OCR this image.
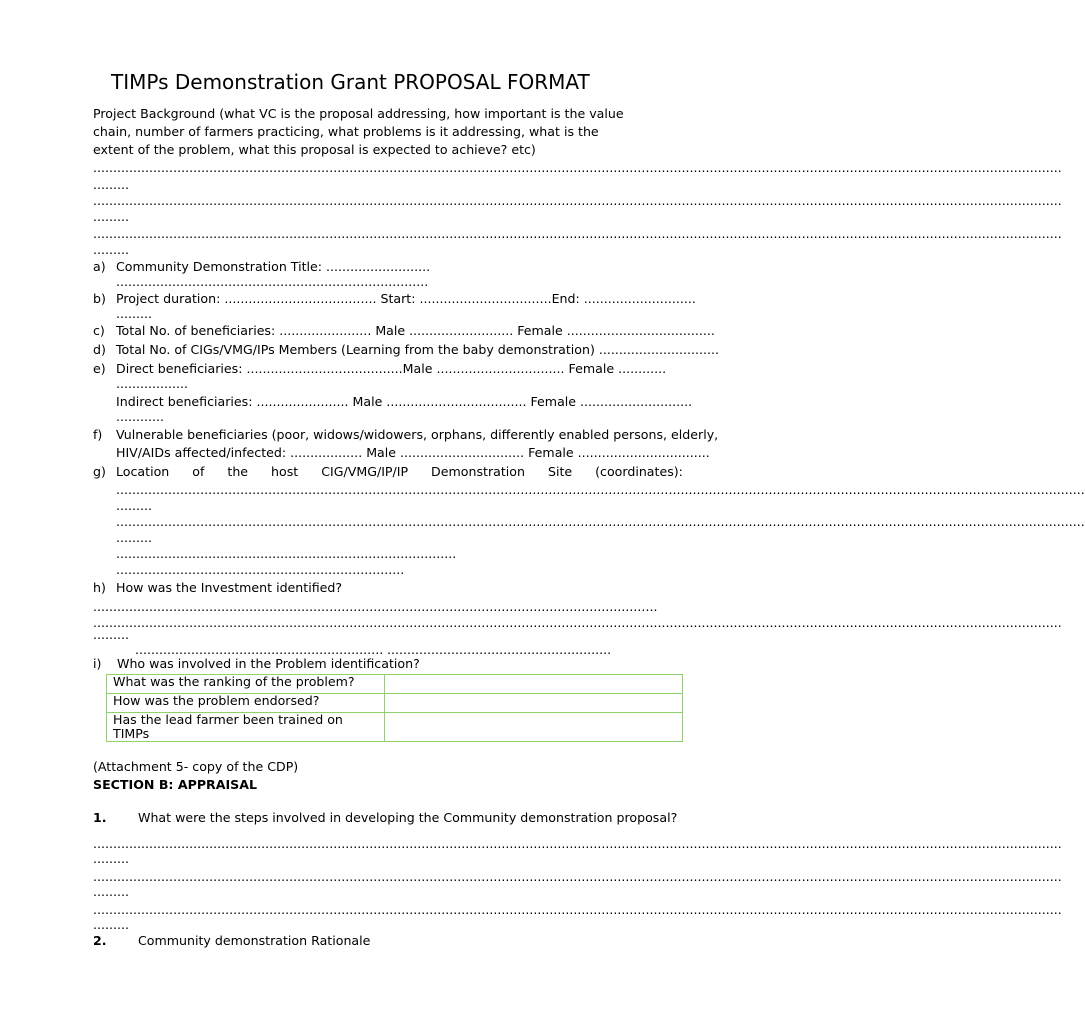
TIMPs Demonstration Grant PROPOSAL FORMAT
Project Background (what VC is the proposal addressing, how important is the value
chain, number of farmers practicing, what problems is it addressing, what is the
extent of the problem, what this proposal is expected to achieve? etc)
..................................................................................................................................................................................................................................................
.........
..................................................................................................................................................................................................................................................
.........
..................................................................................................................................................................................................................................................
.........
a) Community Demonstration Title: ..........................
..............................................................................
b) Project duration: ...................................... Start: .................................End: ............................
.........
c) Total No. of beneficiaries: ....................... Male .......................... Female .....................................
d) Total No. of CIGs/VMG/IPs Members (Learning from the baby demonstration) ..............................
e) Direct beneficiaries: .......................................Male ................................ Female ............
..................
Indirect beneficiaries: ....................... Male ................................... Female ............................
............
f) Vulnerable beneficiaries (poor, widows/widowers, orphans, differently enabled persons, elderly,
HIV/AIDs affected/infected: .................. Male ............................... Female .................................
g) Location of the host CIG/VMG/IP/IP Demonstration Site (coordinates):
..................................................................................................................................................................................................................................................
.........
..................................................................................................................................................................................................................................................
.........
.....................................................................................
........................................................................
h) How was the Investment identified?
.............................................................................................................................................
..................................................................................................................................................................................................................................................
.........
.............................................................. ........................................................
i) Who was involved in the Problem identification?
What was the ranking of the problem?	
How was the problem endorsed?	
Has the lead farmer been trained on TIMPs	
(Attachment 5- copy of the CDP)
SECTION B: APPRAISAL
1. What were the steps involved in developing the Community demonstration proposal?
..................................................................................................................................................................................................................................................
.........
..................................................................................................................................................................................................................................................
.........
..................................................................................................................................................................................................................................................
.........
2. Community demonstration Rationale
